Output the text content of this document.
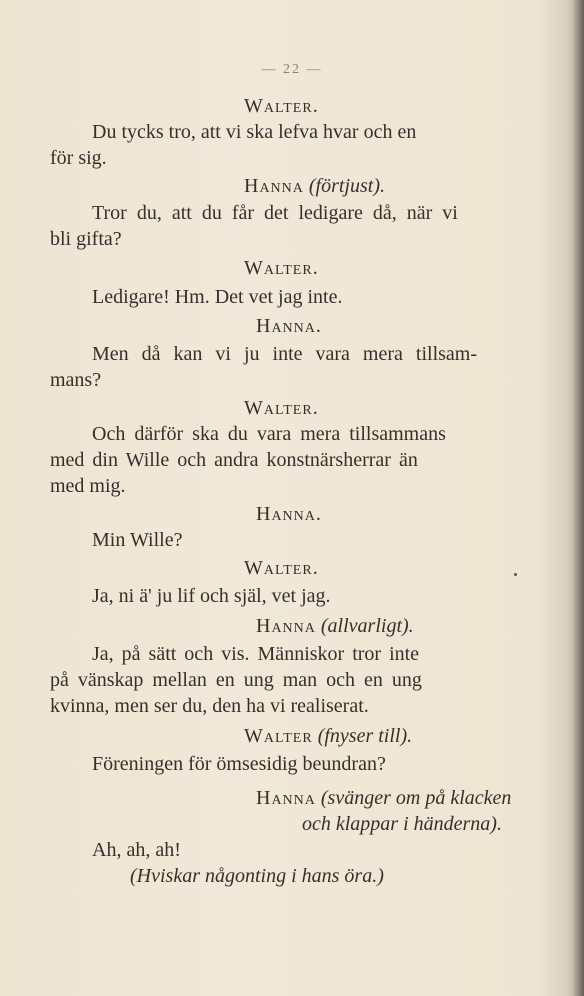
— 22 —
Walter.
Du tycks tro, att vi ska lefva hvar och en
för sig.
Hanna (förtjust).
Tror du, att du får det ledigare då, när vi
bli gifta?
Walter.
Ledigare! Hm. Det vet jag inte.
Hanna.
Men då kan vi ju inte vara mera tillsam-
mans?
Walter.
Och därför ska du vara mera tillsammans
med din Wille och andra konstnärsherrar än
med mig.
Hanna.
Min Wille?
Walter.
Ja, ni ä' ju lif och själ, vet jag.
Hanna (allvarligt).
Ja, på sätt och vis. Människor tror inte
på vänskap mellan en ung man och en ung
kvinna, men ser du, den ha vi realiserat.
Walter (fnyser till).
Föreningen för ömsesidig beundran?
Hanna (svänger om på klacken
och klappar i händerna).
Ah, ah, ah!
(Hviskar någonting i hans öra.)
